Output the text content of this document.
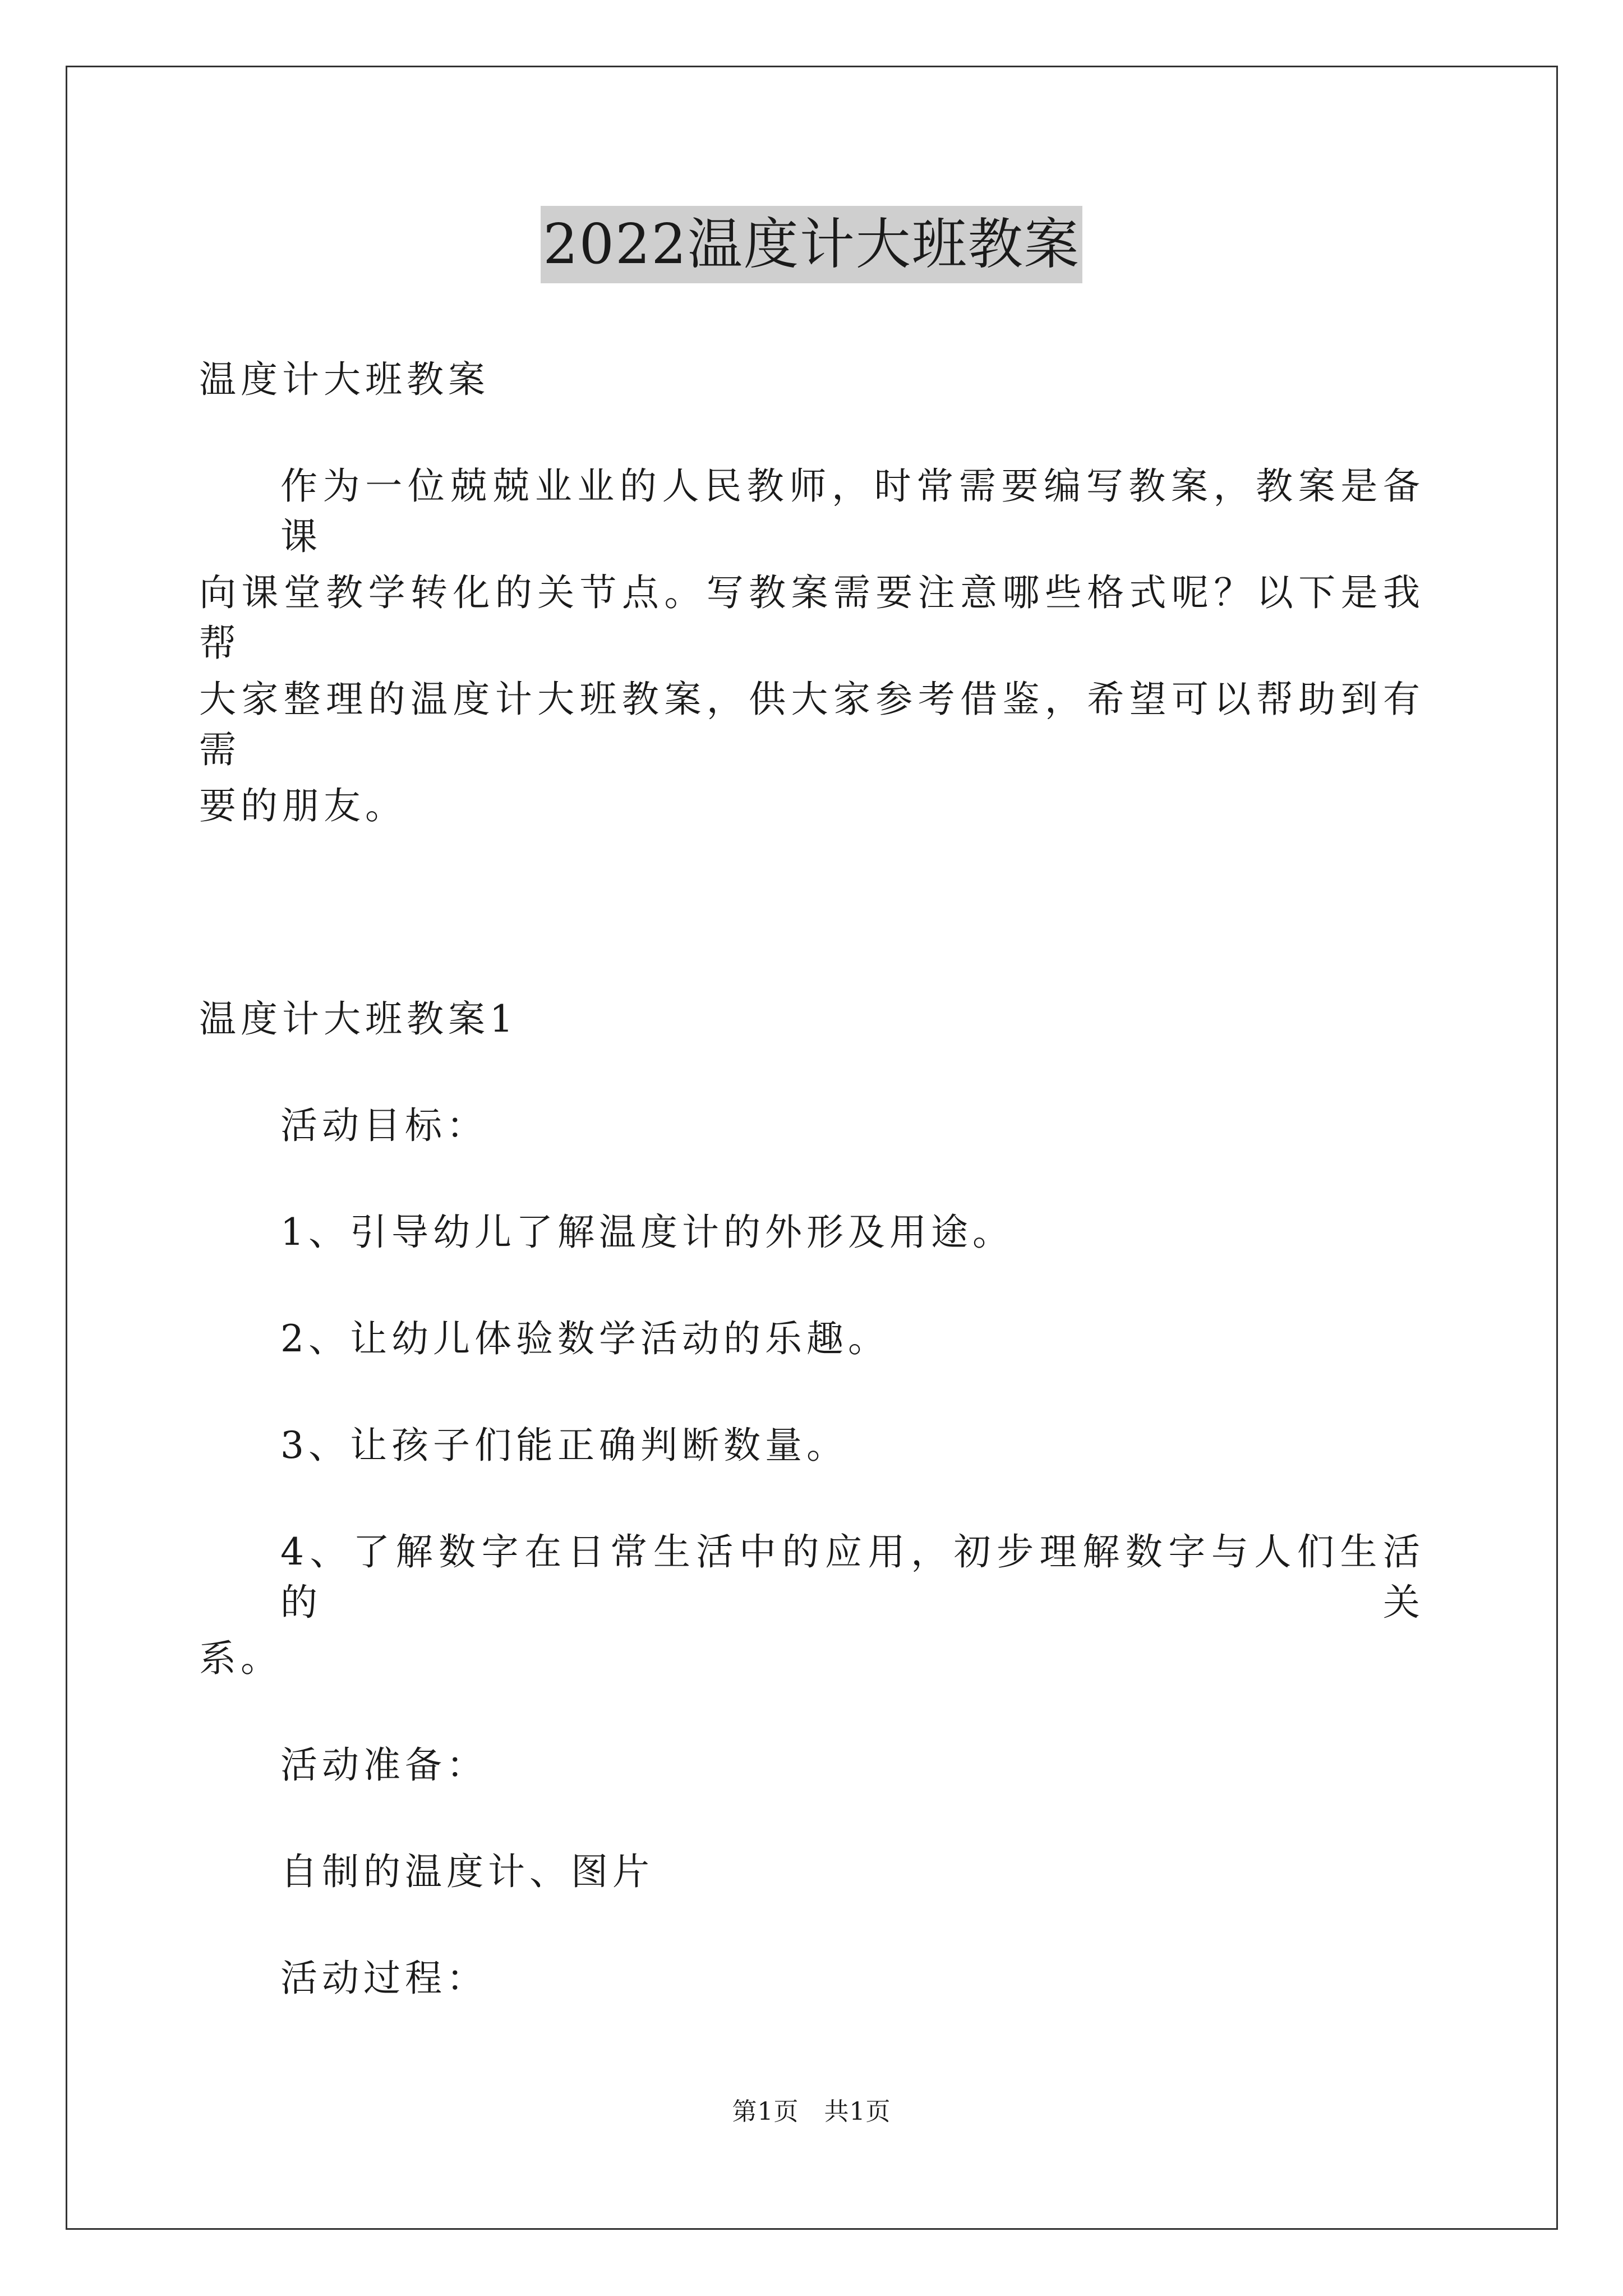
2022温度计大班教案
温度计大班教案
作为一位兢兢业业的人民教师，时常需要编写教案，教案是备课
向课堂教学转化的关节点。写教案需要注意哪些格式呢？以下是我帮
大家整理的温度计大班教案，供大家参考借鉴，希望可以帮助到有需
要的朋友。
温度计大班教案1
活动目标：
1、引导幼儿了解温度计的外形及用途。
2、让幼儿体验数学活动的乐趣。
3、让孩子们能正确判断数量。
4、了解数字在日常生活中的应用，初步理解数字与人们生活的关
系。
活动准备：
自制的温度计、图片
活动过程：
第1页　共1页
